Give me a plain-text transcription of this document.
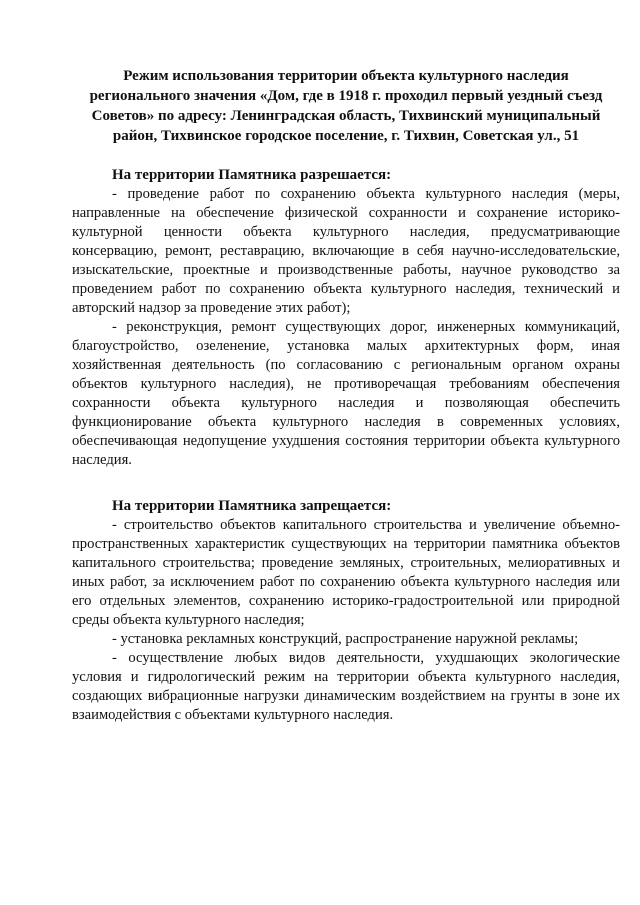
Режим использования территории объекта культурного наследия регионального значения «Дом, где в 1918 г. проходил первый уездный съезд Советов» по адресу: Ленинградская область, Тихвинский муниципальный район, Тихвинское городское поселение, г. Тихвин, Советская ул., 51

На территории Памятника разрешается:

- проведение работ по сохранению объекта культурного наследия (меры, направленные на обеспечение физической сохранности и сохранение историко-культурной ценности объекта культурного наследия, предусматривающие консервацию, ремонт, реставрацию, включающие в себя научно-исследовательские, изыскательские, проектные и производственные работы, научное руководство за проведением работ по сохранению объекта культурного наследия, технический и авторский надзор за проведение этих работ);

- реконструкция, ремонт существующих дорог, инженерных коммуникаций, благоустройство, озеленение, установка малых архитектурных форм, иная хозяйственная деятельность (по согласованию с региональным органом охраны объектов культурного наследия), не противоречащая требованиям обеспечения сохранности объекта культурного наследия и позволяющая обеспечить функционирование объекта культурного наследия в современных условиях, обеспечивающая недопущение ухудшения состояния территории объекта культурного наследия.

На территории Памятника запрещается:

- строительство объектов капитального строительства и увеличение объемно-пространственных характеристик существующих на территории памятника объектов капитального строительства; проведение земляных, строительных, мелиоративных и иных работ, за исключением работ по сохранению объекта культурного наследия или его отдельных элементов, сохранению историко-градостроительной или природной среды объекта культурного наследия;

- установка рекламных конструкций, распространение наружной рекламы;

- осуществление любых видов деятельности, ухудшающих экологические условия и гидрологический режим на территории объекта культурного наследия, создающих вибрационные нагрузки динамическим воздействием на грунты в зоне их взаимодействия с объектами культурного наследия.
